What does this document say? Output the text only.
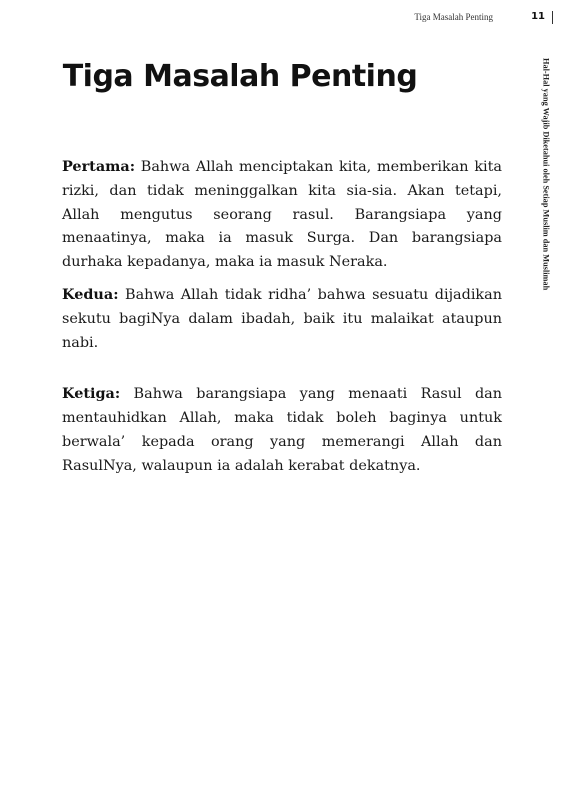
Tiga Masalah Penting	11
Hal-Hal yang Wajib Diketahui oleh Setiap Muslim dan Muslimah
Tiga Masalah Penting

Pertama: Bahwa Allah menciptakan kita, memberikan kita rizki, dan tidak meninggalkan kita sia-sia. Akan tetapi, Allah mengutus seorang rasul. Barangsiapa yang menaatinya, maka ia masuk Surga. Dan barangsiapa durhaka kepadanya, maka ia masuk Neraka.

Kedua: Bahwa Allah tidak ridha’ bahwa sesuatu dijadikan sekutu bagiNya dalam ibadah, baik itu malaikat ataupun nabi.

Ketiga: Bahwa barangsiapa yang menaati Rasul dan mentauhidkan Allah, maka tidak boleh baginya untuk berwala’ kepada orang yang memerangi Allah dan RasulNya, walaupun ia adalah kerabat dekatnya.
